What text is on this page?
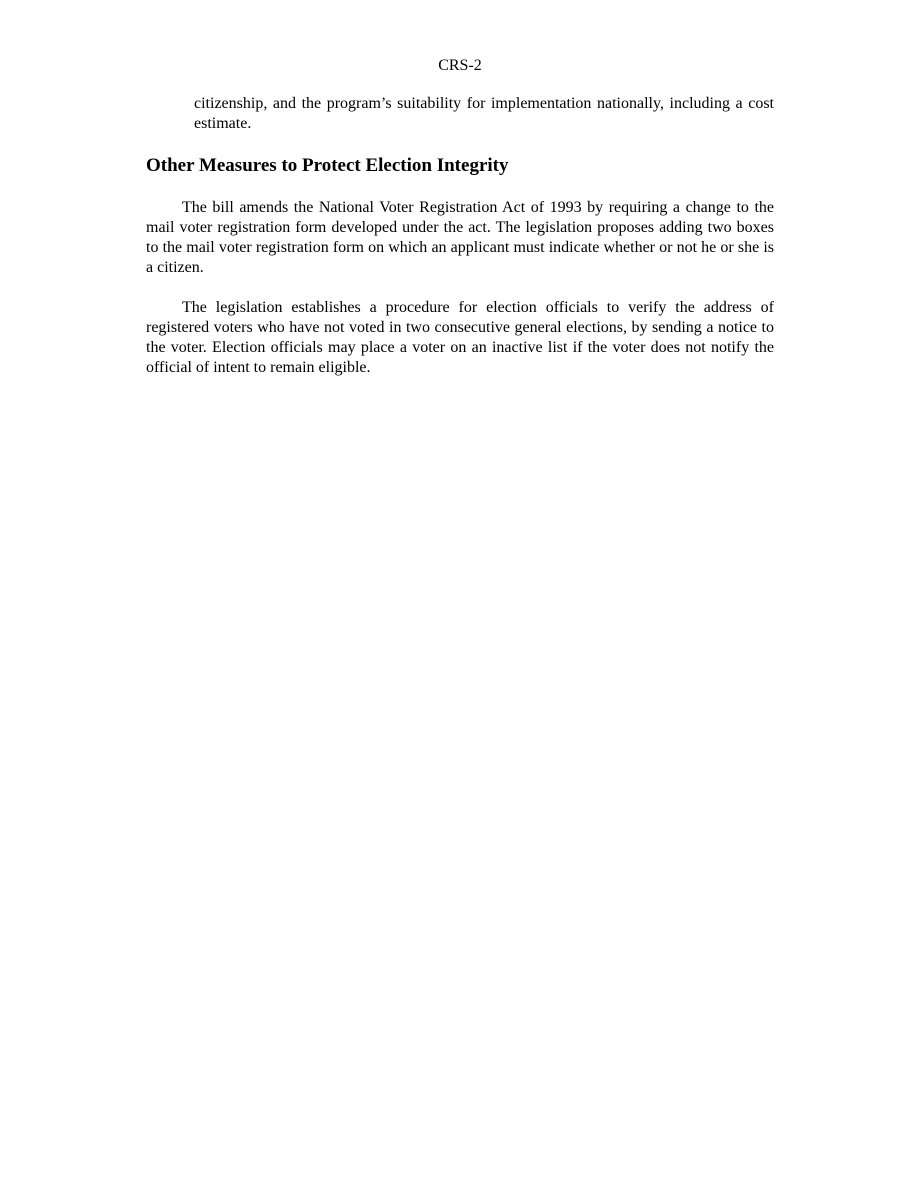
CRS-2

citizenship, and the program’s suitability for implementation nationally, including a cost estimate.

Other Measures to Protect Election Integrity

The bill amends the National Voter Registration Act of 1993 by requiring a change to the mail voter registration form developed under the act. The legislation proposes adding two boxes to the mail voter registration form on which an applicant must indicate whether or not he or she is a citizen.

The legislation establishes a procedure for election officials to verify the address of registered voters who have not voted in two consecutive general elections, by sending a notice to the voter. Election officials may place a voter on an inactive list if the voter does not notify the official of intent to remain eligible.
